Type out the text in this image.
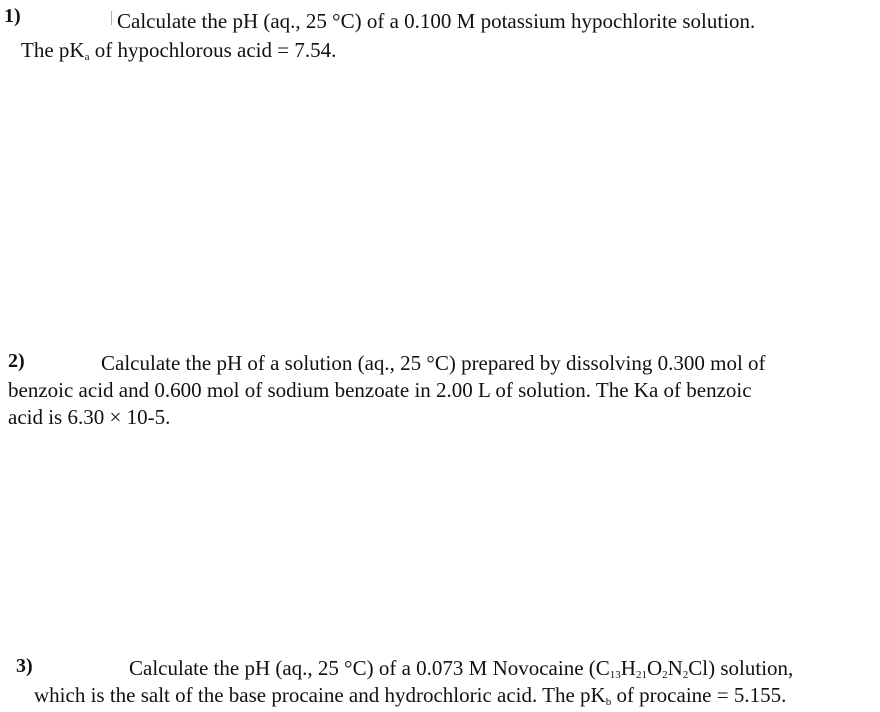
1)	Calculate the pH (aq., 25 °C) of a 0.100 M potassium hypochlorite solution.
The $pK_a$ of hypochlorous acid = 7.54.
2)	Calculate the pH of a solution (aq., 25 °C) prepared by dissolving 0.300 mol of
benzoic acid and 0.600 mol of sodium benzoate in 2.00 L of solution. The Ka of benzoic
acid is 6.30 × 10-5.
3)	Calculate the pH (aq., 25 °C) of a 0.073 M Novocaine $(C_{13}H_{21}O_2N_2Cl)$ solution,
which is the salt of the base procaine and hydrochloric acid. The $pK_b$ of procaine = 5.155.
